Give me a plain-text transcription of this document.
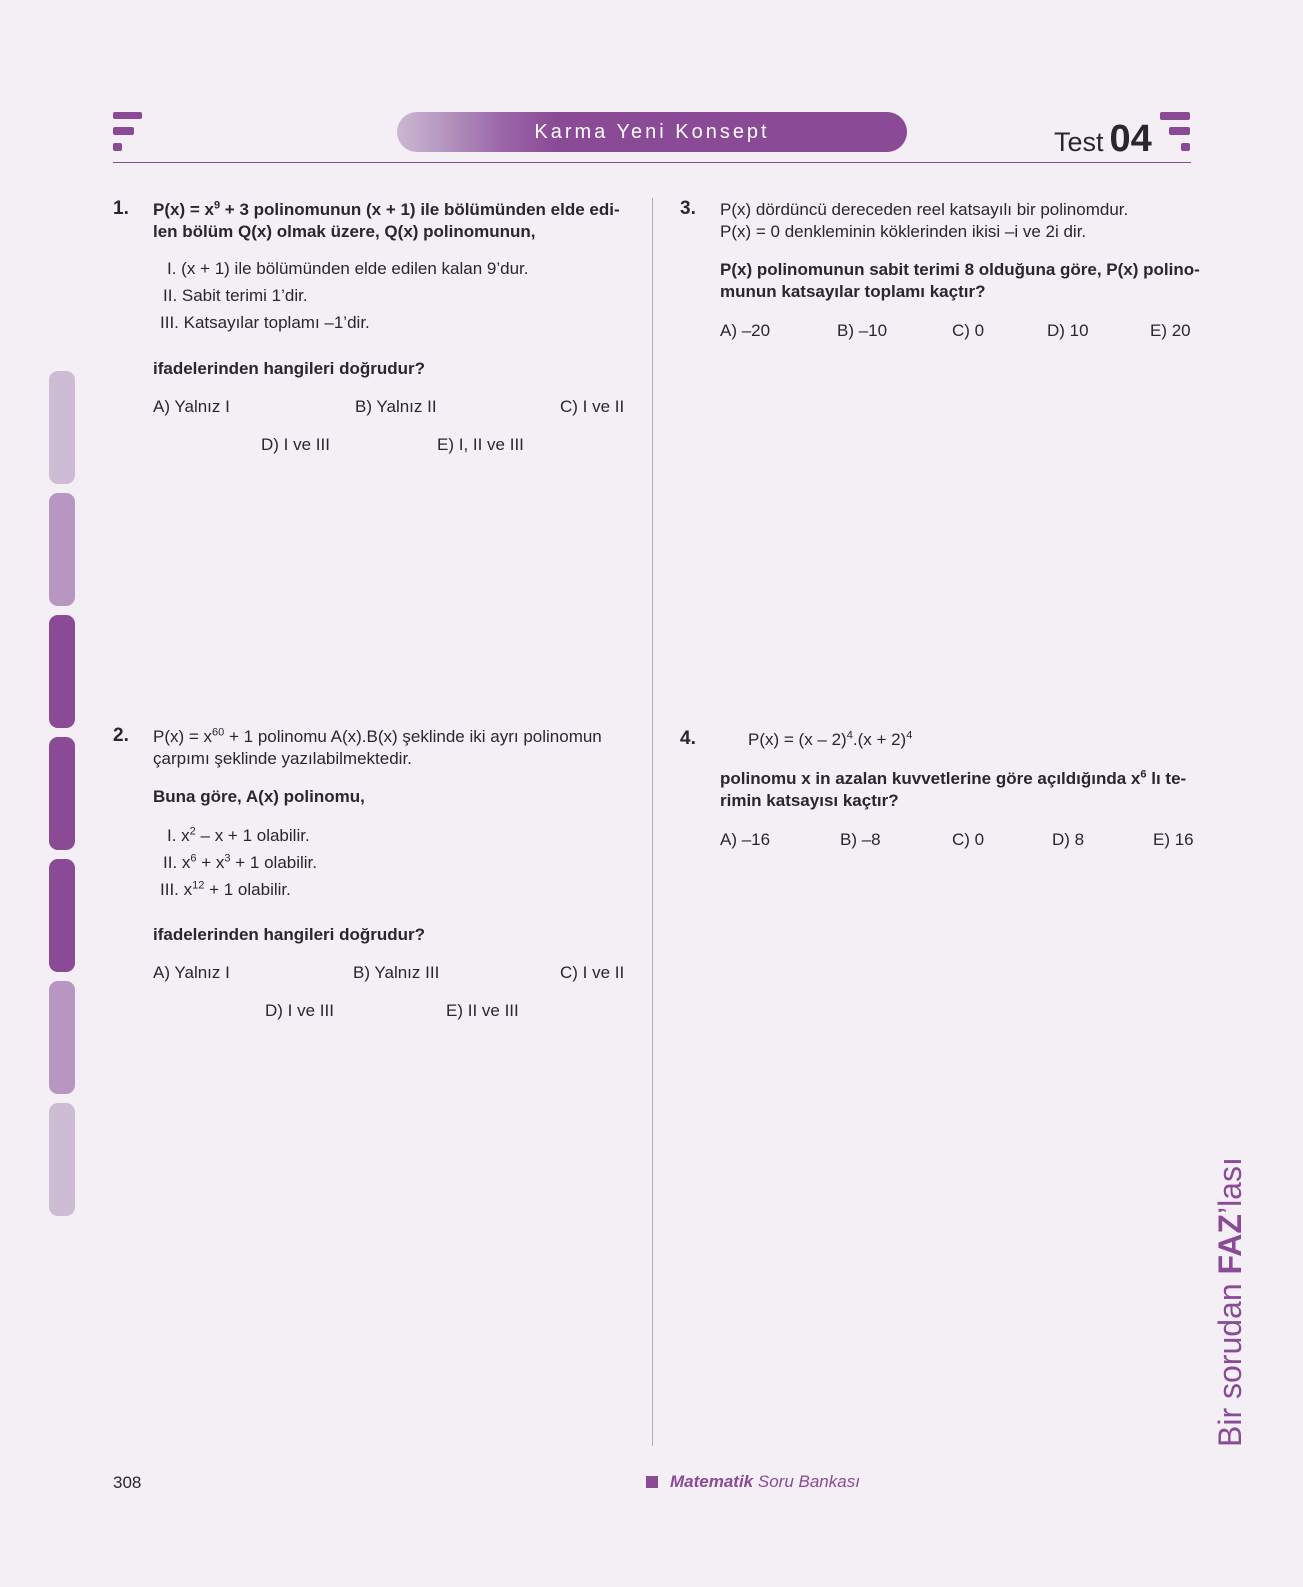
Karma Yeni Konsept	Test 04
1. $P(x) = x^9 + 3$ polinomunun (x + 1) ile bölümünden elde edi-
len bölüm Q(x) olmak üzere, Q(x) polinomunun,
I. (x + 1) ile bölümünden elde edilen kalan 9’dur.
II. Sabit terimi 1’dir.
III. Katsayılar toplamı –1’dir.
ifadelerinden hangileri doğrudur?
A) Yalnız I	B) Yalnız II	C) I ve II
D) I ve III	E) I, II ve III
2. $P(x) = x^{60} + 1$ polinomu A(x).B(x) şeklinde iki ayrı polinomun
çarpımı şeklinde yazılabilmektedir.
Buna göre, A(x) polinomu,
I. $x^2 - x + 1$ olabilir.
II. $x^6 + x^3 + 1$ olabilir.
III. $x^{12} + 1$ olabilir.
ifadelerinden hangileri doğrudur?
A) Yalnız I	B) Yalnız III	C) I ve II
D) I ve III	E) II ve III
3. P(x) dördüncü dereceden reel katsayılı bir polinomdur.
P(x) = 0 denkleminin köklerinden ikisi –i ve 2i dir.
P(x) polinomunun sabit terimi 8 olduğuna göre, P(x) polino-
munun katsayılar toplamı kaçtır?
A) –20	B) –10	C) 0	D) 10	E) 20
4.	$P(x) = (x - 2)^4.(x + 2)^4$
polinomu x in azalan kuvvetlerine göre açıldığında $x^6$ lı te-
rimin katsayısı kaçtır?
A) –16	B) –8	C) 0	D) 8	E) 16
Bir sorudan FAZ’lası
308	Matematik Soru Bankası
